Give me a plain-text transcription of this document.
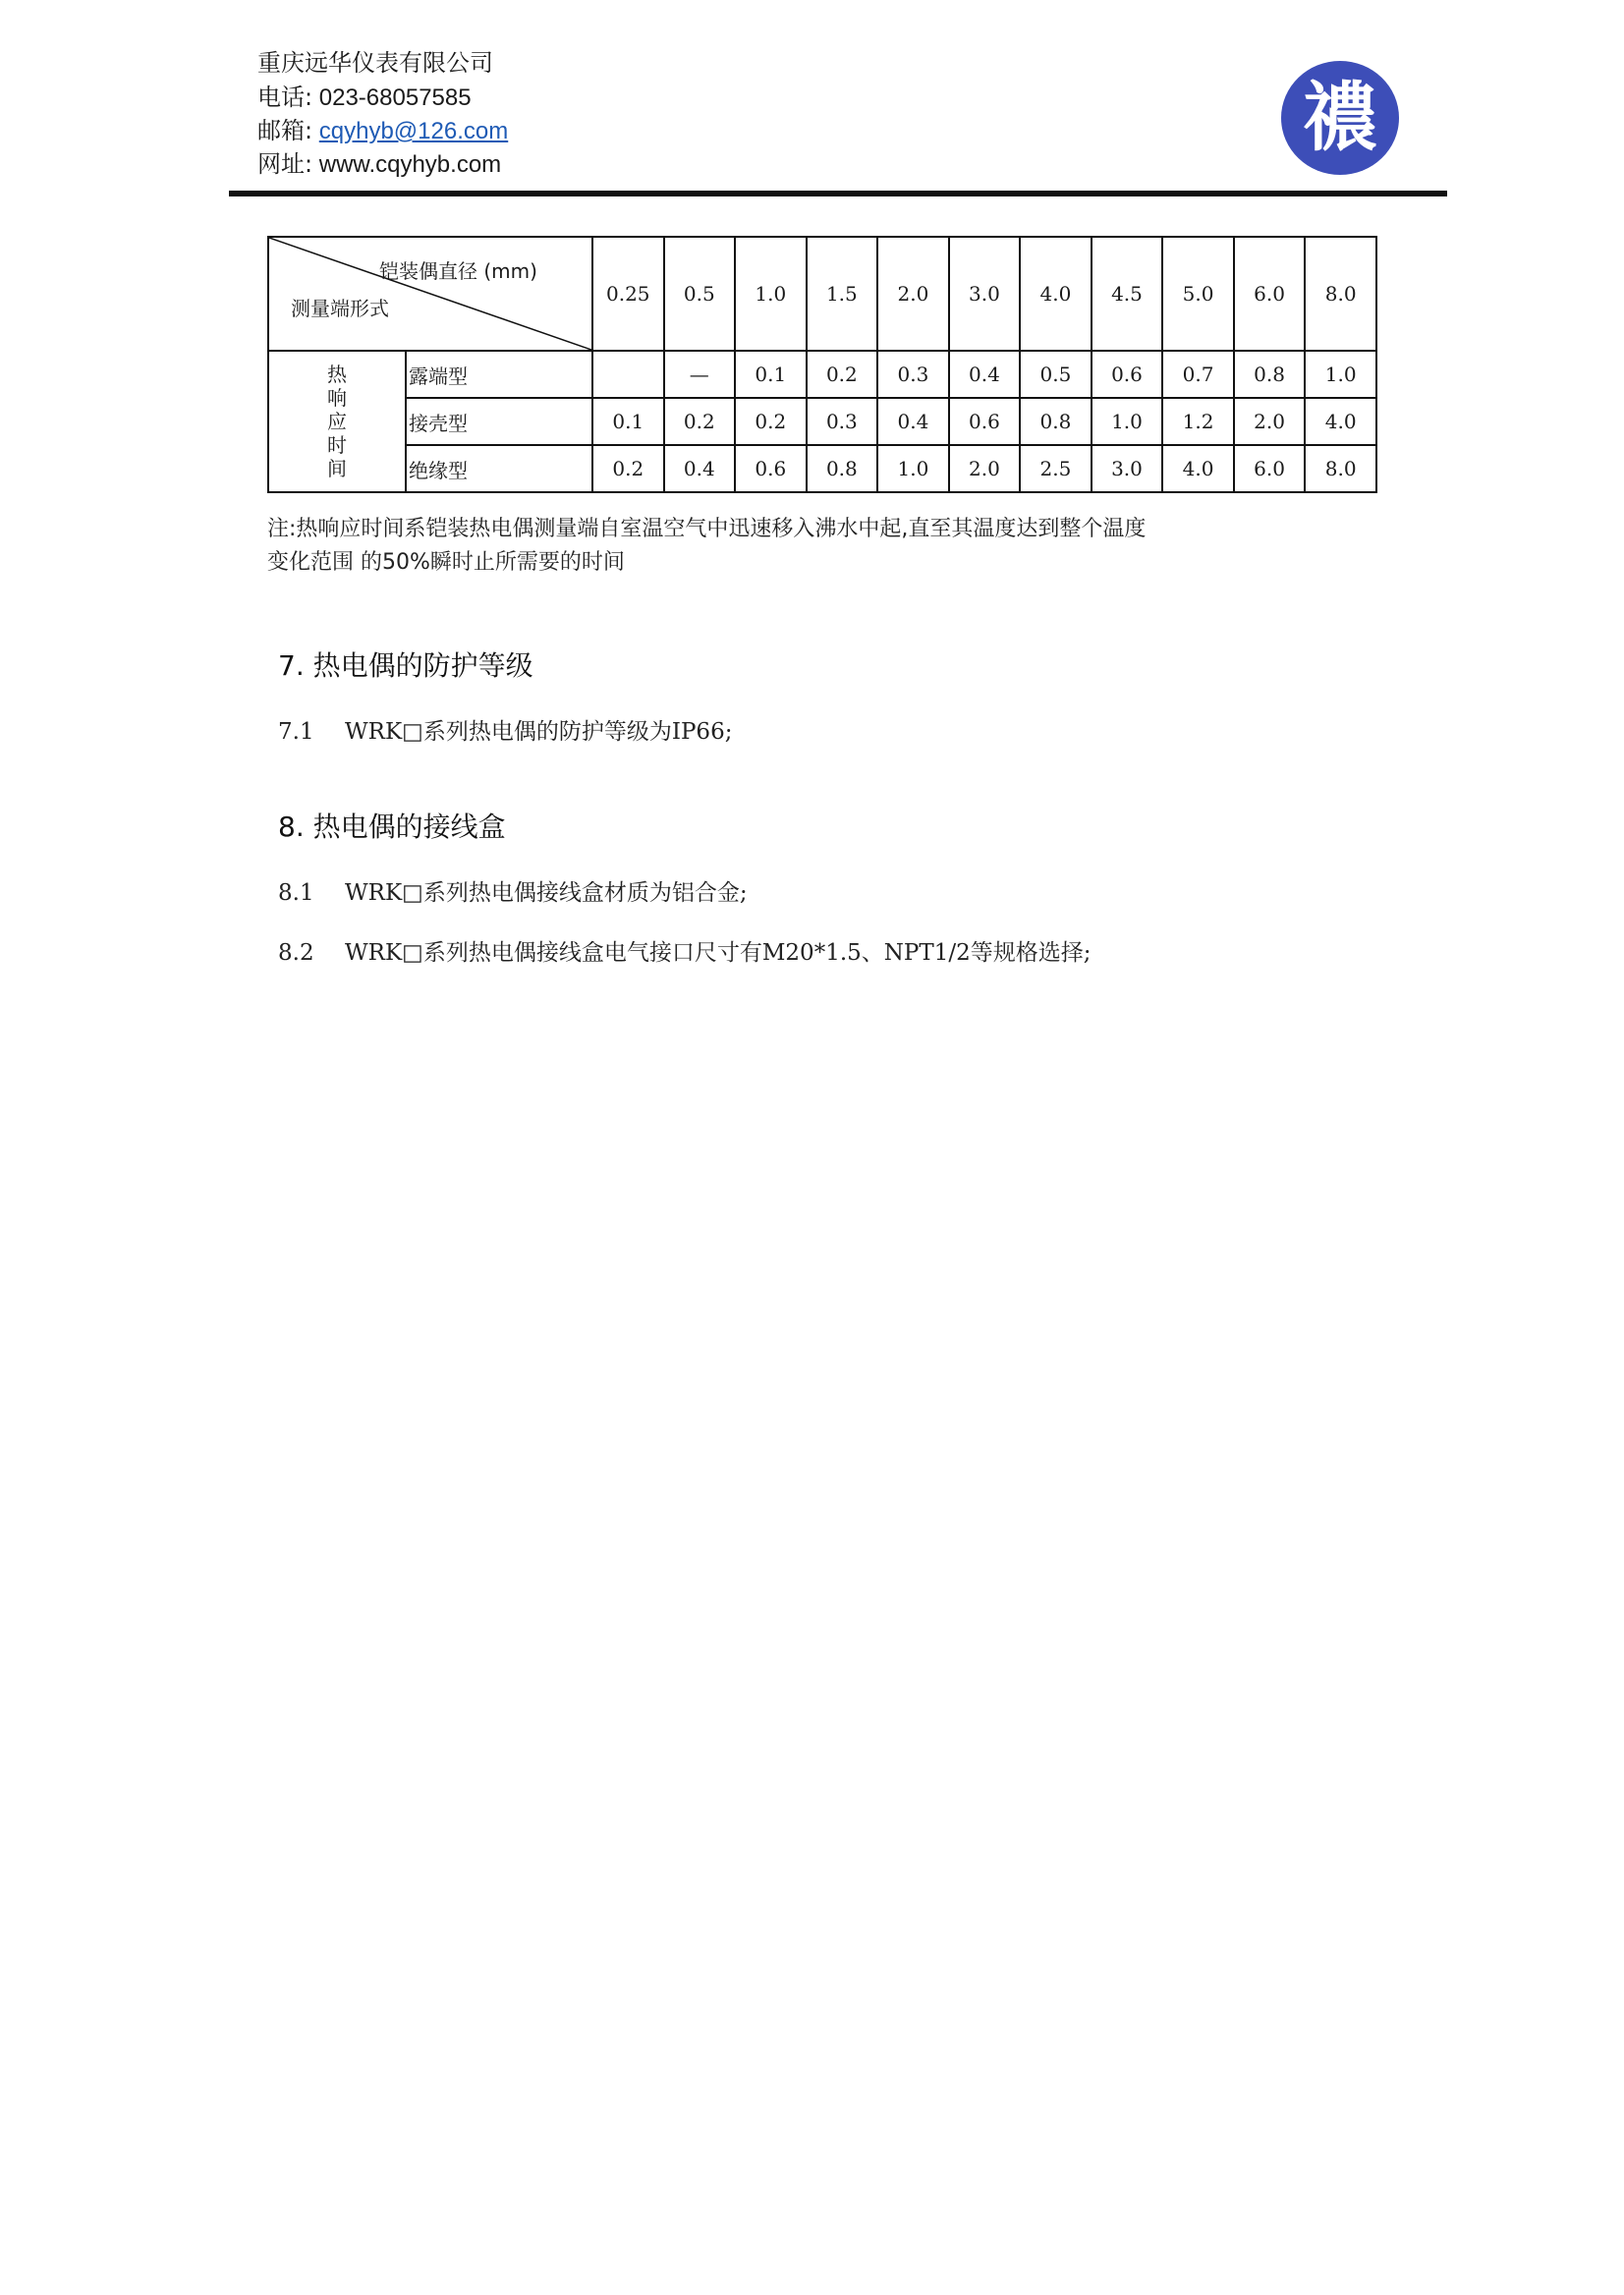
重庆远华仪表有限公司
电话: 023-68057585
邮箱: cqyhyb@126.com
网址: www.cqyhyb.com
禯
铠装偶直径 (mm)
测量端形式		0.25	0.5	1.0	1.5	2.0	3.0	4.0	4.5	5.0	6.0	8.0

热
响
应
时
间	露端型		—	0.1	0.2	0.3	0.4	0.5	0.6	0.7	0.8	1.0
	接壳型	0.1	0.2	0.2	0.3	0.4	0.6	0.8	1.0	1.2	2.0	4.0
	绝缘型	0.2	0.4	0.6	0.8	1.0	2.0	2.5	3.0	4.0	6.0	8.0
注:热响应时间系铠装热电偶测量端自室温空气中迅速移入沸水中起,直至其温度达到整个温度
变化范围 的50%瞬时止所需要的时间
7. 热电偶的防护等级
7.1 WRK□系列热电偶的防护等级为IP66;
8. 热电偶的接线盒
8.1 WRK□系列热电偶接线盒材质为铝合金;
8.2 WRK□系列热电偶接线盒电气接口尺寸有M20*1.5、NPT1/2等规格选择;
